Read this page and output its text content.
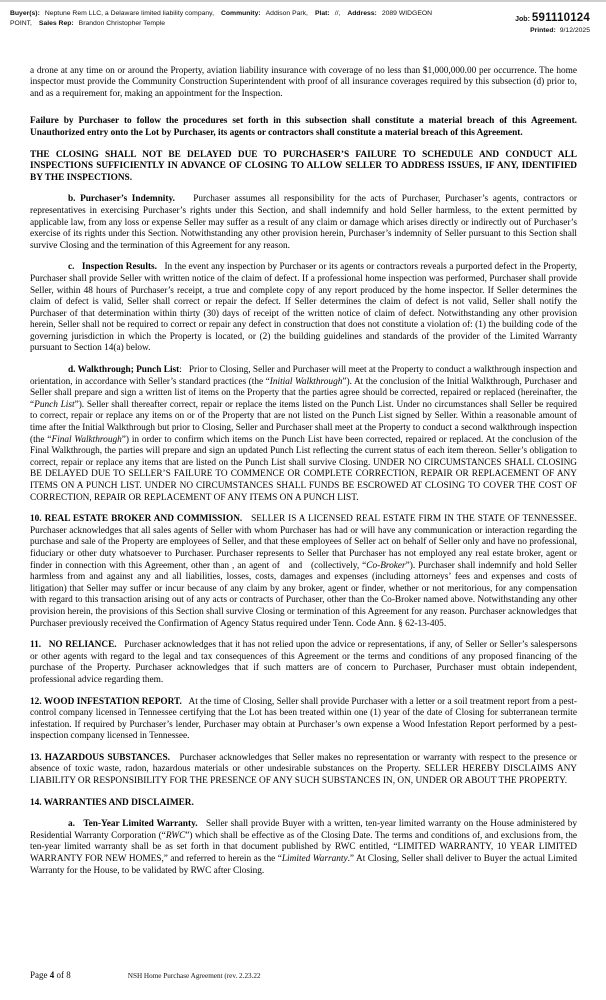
Buyer(s): Neptune Rem LLC, a Delaware limited liability company, Community: Addison Park, Plat: //, Address: 2089 WIDGEON POINT, Sales Rep: Brandon Christopher Temple
Job: 591110124
Printed: 9/12/2025

a drone at any time on or around the Property, aviation liability insurance with coverage of no less than $1,000,000.00 per occurrence. The home inspector must provide the Community Construction Superintendent with proof of all insurance coverages required by this subsection (d) prior to, and as a requirement for, making an appointment for the Inspection.

Failure by Purchaser to follow the procedures set forth in this subsection shall constitute a material breach of this Agreement. Unauthorized entry onto the Lot by Purchaser, its agents or contractors shall constitute a material breach of this Agreement.

THE CLOSING SHALL NOT BE DELAYED DUE TO PURCHASER’S FAILURE TO SCHEDULE AND CONDUCT ALL INSPECTIONS SUFFICIENTLY IN ADVANCE OF CLOSING TO ALLOW SELLER TO ADDRESS ISSUES, IF ANY, IDENTIFIED BY THE INSPECTIONS.

b. Purchaser’s Indemnity.    Purchaser assumes all responsibility for the acts of Purchaser, Purchaser’s agents, contractors or representatives in exercising Purchaser’s rights under this Section, and shall indemnify and hold Seller harmless, to the extent permitted by applicable law, from any loss or expense Seller may suffer as a result of any claim or damage which arises directly or indirectly out of Purchaser’s exercise of its rights under this Section. Notwithstanding any other provision herein, Purchaser’s indemnity of Seller pursuant to this Section shall survive Closing and the termination of this Agreement for any reason.

c.   Inspection Results.   In the event any inspection by Purchaser or its agents or contractors reveals a purported defect in the Property, Purchaser shall provide Seller with written notice of the claim of defect. If a professional home inspection was performed, Purchaser shall provide Seller, within 48 hours of Purchaser’s receipt, a true and complete copy of any report produced by the home inspector. If Seller determines the claim of defect is valid, Seller shall correct or repair the defect. If Seller determines the claim of defect is not valid, Seller shall notify the Purchaser of that determination within thirty (30) days of receipt of the written notice of claim of defect. Notwithstanding any other provision herein, Seller shall not be required to correct or repair any defect in construction that does not constitute a violation of: (1) the building code of the governing jurisdiction in which the Property is located, or (2) the building guidelines and standards of the provider of the Limited Warranty pursuant to Section 14(a) below.

d. Walkthrough; Punch List:   Prior to Closing, Seller and Purchaser will meet at the Property to conduct a walkthrough inspection and orientation, in accordance with Seller’s standard practices (the “Initial Walkthrough”). At the conclusion of the Initial Walkthrough, Purchaser and Seller shall prepare and sign a written list of items on the Property that the parties agree should be corrected, repaired or replaced (hereinafter, the “Punch List”). Seller shall thereafter correct, repair or replace the items listed on the Punch List. Under no circumstances shall Seller be required to correct, repair or replace any items on or of the Property that are not listed on the Punch List signed by Seller. Within a reasonable amount of time after the Initial Walkthrough but prior to Closing, Seller and Purchaser shall meet at the Property to conduct a second walkthrough inspection (the “Final Walkthrough”) in order to confirm which items on the Punch List have been corrected, repaired or replaced. At the conclusion of the Final Walkthrough, the parties will prepare and sign an updated Punch List reflecting the current status of each item thereon. Seller’s obligation to correct, repair or replace any items that are listed on the Punch List shall survive Closing. UNDER NO CIRCUMSTANCES SHALL CLOSING BE DELAYED DUE TO SELLER’S FAILURE TO COMMENCE OR COMPLETE CORRECTION, REPAIR OR REPLACEMENT OF ANY ITEMS ON A PUNCH LIST. UNDER NO CIRCUMSTANCES SHALL FUNDS BE ESCROWED AT CLOSING TO COVER THE COST OF CORRECTION, REPAIR OR REPLACEMENT OF ANY ITEMS ON A PUNCH LIST.

10. REAL ESTATE BROKER AND COMMISSION.   SELLER IS A LICENSED REAL ESTATE FIRM IN THE STATE OF TENNESSEE. Purchaser acknowledges that all sales agents of Seller with whom Purchaser has had or will have any communication or interaction regarding the purchase and sale of the Property are employees of Seller, and that these employees of Seller act on behalf of Seller only and have no professional, fiduciary or other duty whatsoever to Purchaser. Purchaser represents to Seller that Purchaser has not employed any real estate broker, agent or finder in connection with this Agreement, other than , an agent of   and   (collectively, “Co-Broker”). Purchaser shall indemnify and hold Seller harmless from and against any and all liabilities, losses, costs, damages and expenses (including attorneys’ fees and expenses and costs of litigation) that Seller may suffer or incur because of any claim by any broker, agent or finder, whether or not meritorious, for any compensation with regard to this transaction arising out of any acts or contracts of Purchaser, other than the Co-Broker named above. Notwithstanding any other provision herein, the provisions of this Section shall survive Closing or termination of this Agreement for any reason. Purchaser acknowledges that Purchaser previously received the Confirmation of Agency Status required under Tenn. Code Ann. § 62-13-405.

11.   NO RELIANCE.   Purchaser acknowledges that it has not relied upon the advice or representations, if any, of Seller or Seller’s salespersons or other agents with regard to the legal and tax consequences of this Agreement or the terms and conditions of any proposed financing of the purchase of the Property. Purchaser acknowledges that if such matters are of concern to Purchaser, Purchaser must obtain independent, professional advice regarding them.

12. WOOD INFESTATION REPORT.   At the time of Closing, Seller shall provide Purchaser with a letter or a soil treatment report from a pest-control company licensed in Tennessee certifying that the Lot has been treated within one (1) year of the date of Closing for subterranean termite infestation. If required by Purchaser’s lender, Purchaser may obtain at Purchaser’s own expense a Wood Infestation Report performed by a pest-inspection company licensed in Tennessee.

13. HAZARDOUS SUBSTANCES.   Purchaser acknowledges that Seller makes no representation or warranty with respect to the presence or absence of toxic waste, radon, hazardous materials or other undesirable substances on the Property. SELLER HEREBY DISCLAIMS ANY LIABILITY OR RESPONSIBILITY FOR THE PRESENCE OF ANY SUCH SUBSTANCES IN, ON, UNDER OR ABOUT THE PROPERTY.

14. WARRANTIES AND DISCLAIMER.

a.   Ten-Year Limited Warranty.   Seller shall provide Buyer with a written, ten-year limited warranty on the House administered by Residential Warranty Corporation (“RWC”) which shall be effective as of the Closing Date. The terms and conditions of, and exclusions from, the ten-year limited warranty shall be as set forth in that document published by RWC entitled, “LIMITED WARRANTY, 10 YEAR LIMITED WARRANTY FOR NEW HOMES,” and referred to herein as the “Limited Warranty.” At Closing, Seller shall deliver to Buyer the actual Limited Warranty for the House, to be validated by RWC after Closing.

Page 4 of 8	NSH Home Purchase Agreement (rev. 2.23.22
